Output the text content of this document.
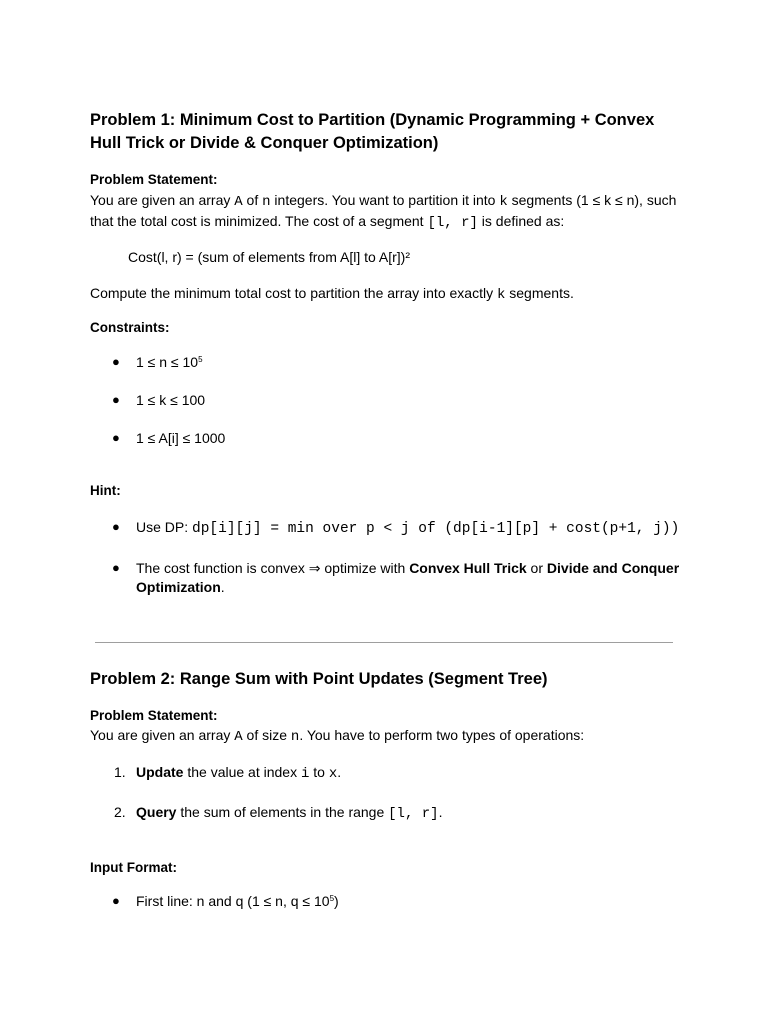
Problem 1: Minimum Cost to Partition (Dynamic Programming + Convex
Hull Trick or Divide & Conquer Optimization)
Problem Statement:
You are given an array A of n integers. You want to partition it into k segments (1 ≤ k ≤ n), such
that the total cost is minimized. The cost of a segment [l, r] is defined as:
Cost(l, r) = (sum of elements from A[l] to A[r])²
Compute the minimum total cost to partition the array into exactly k segments.
Constraints:
● $1 \le n \le 10^5$
● 1 ≤ k ≤ 100
● 1 ≤ A[i] ≤ 1000
Hint:
● Use DP: dp[i][j] = min over p < j of (dp[i-1][p] + cost(p+1, j))
● The cost function is convex ⇒ optimize with Convex Hull Trick or Divide and Conquer
Optimization.
Problem 2: Range Sum with Point Updates (Segment Tree)
Problem Statement:
You are given an array A of size n. You have to perform two types of operations:
1. Update the value at index i to x.
2. Query the sum of elements in the range [l, r].
Input Format:
● First line: n and q (1 ≤ n, $q \le 10^5$)
